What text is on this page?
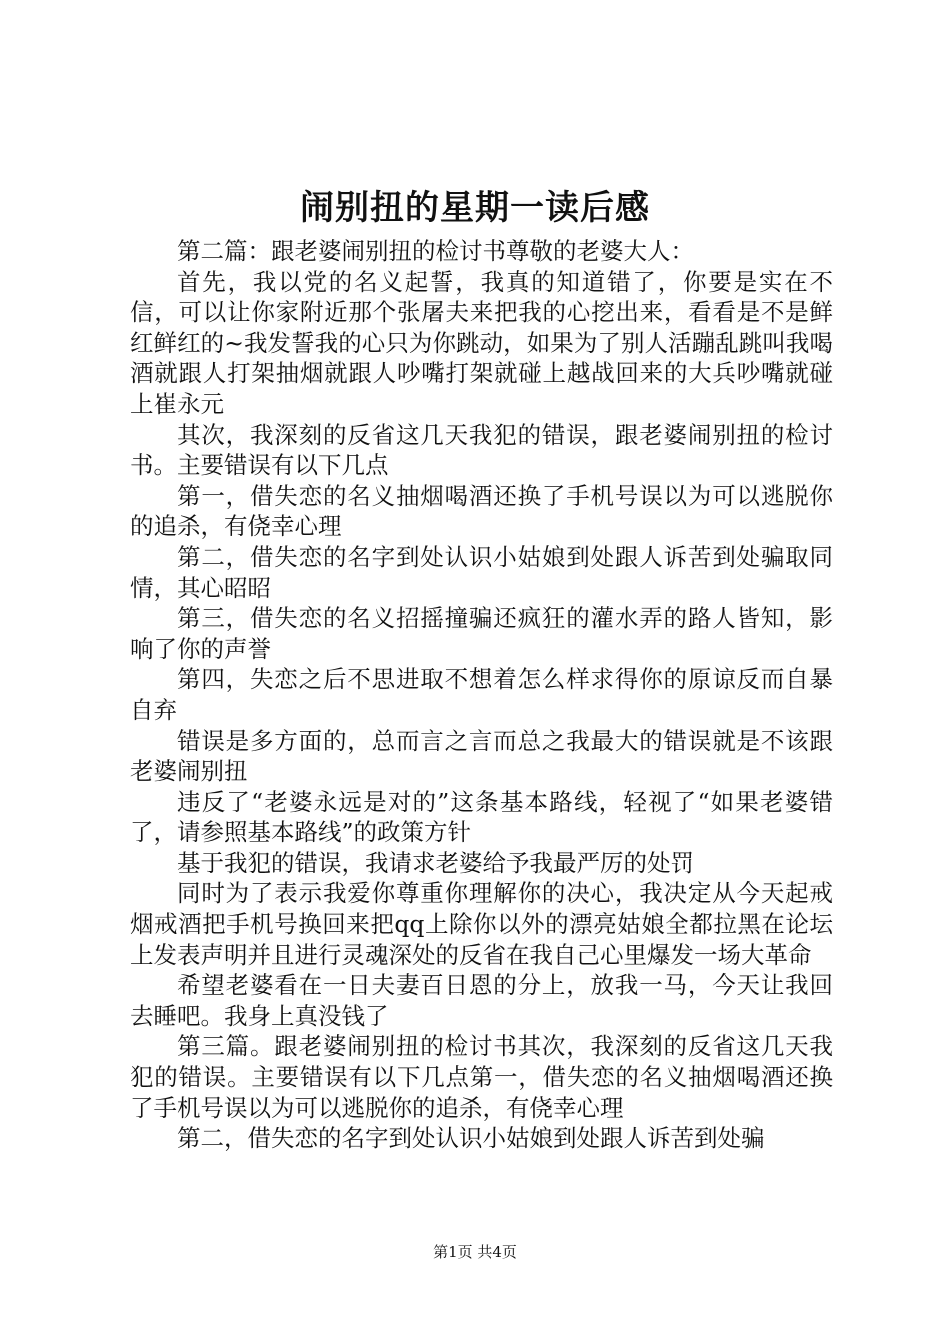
闹别扭的星期一读后感

第二篇：跟老婆闹别扭的检讨书尊敬的老婆大人：

首先，我以党的名义起誓，我真的知道错了，你要是实在不信，可以让你家附近那个张屠夫来把我的心挖出来，看看是不是鲜红鲜红的~我发誓我的心只为你跳动，如果为了别人活蹦乱跳叫我喝酒就跟人打架抽烟就跟人吵嘴打架就碰上越战回来的大兵吵嘴就碰上崔永元

其次，我深刻的反省这几天我犯的错误，跟老婆闹别扭的检讨书。主要错误有以下几点

第一，借失恋的名义抽烟喝酒还换了手机号误以为可以逃脱你的追杀，有侥幸心理

第二，借失恋的名字到处认识小姑娘到处跟人诉苦到处骗取同情，其心昭昭

第三，借失恋的名义招摇撞骗还疯狂的灌水弄的路人皆知，影响了你的声誉

第四，失恋之后不思进取不想着怎么样求得你的原谅反而自暴自弃

错误是多方面的，总而言之言而总之我最大的错误就是不该跟老婆闹别扭

违反了“老婆永远是对的”这条基本路线，轻视了“如果老婆错了，请参照基本路线”的政策方针

基于我犯的错误，我请求老婆给予我最严厉的处罚

同时为了表示我爱你尊重你理解你的决心，我决定从今天起戒烟戒酒把手机号换回来把qq上除你以外的漂亮姑娘全都拉黑在论坛上发表声明并且进行灵魂深处的反省在我自己心里爆发一场大革命

希望老婆看在一日夫妻百日恩的分上，放我一马，今天让我回去睡吧。我身上真没钱了

第三篇。跟老婆闹别扭的检讨书其次，我深刻的反省这几天我犯的错误。主要错误有以下几点第一，借失恋的名义抽烟喝酒还换了手机号误以为可以逃脱你的追杀，有侥幸心理

第二，借失恋的名字到处认识小姑娘到处跟人诉苦到处骗

第1页 共4页
